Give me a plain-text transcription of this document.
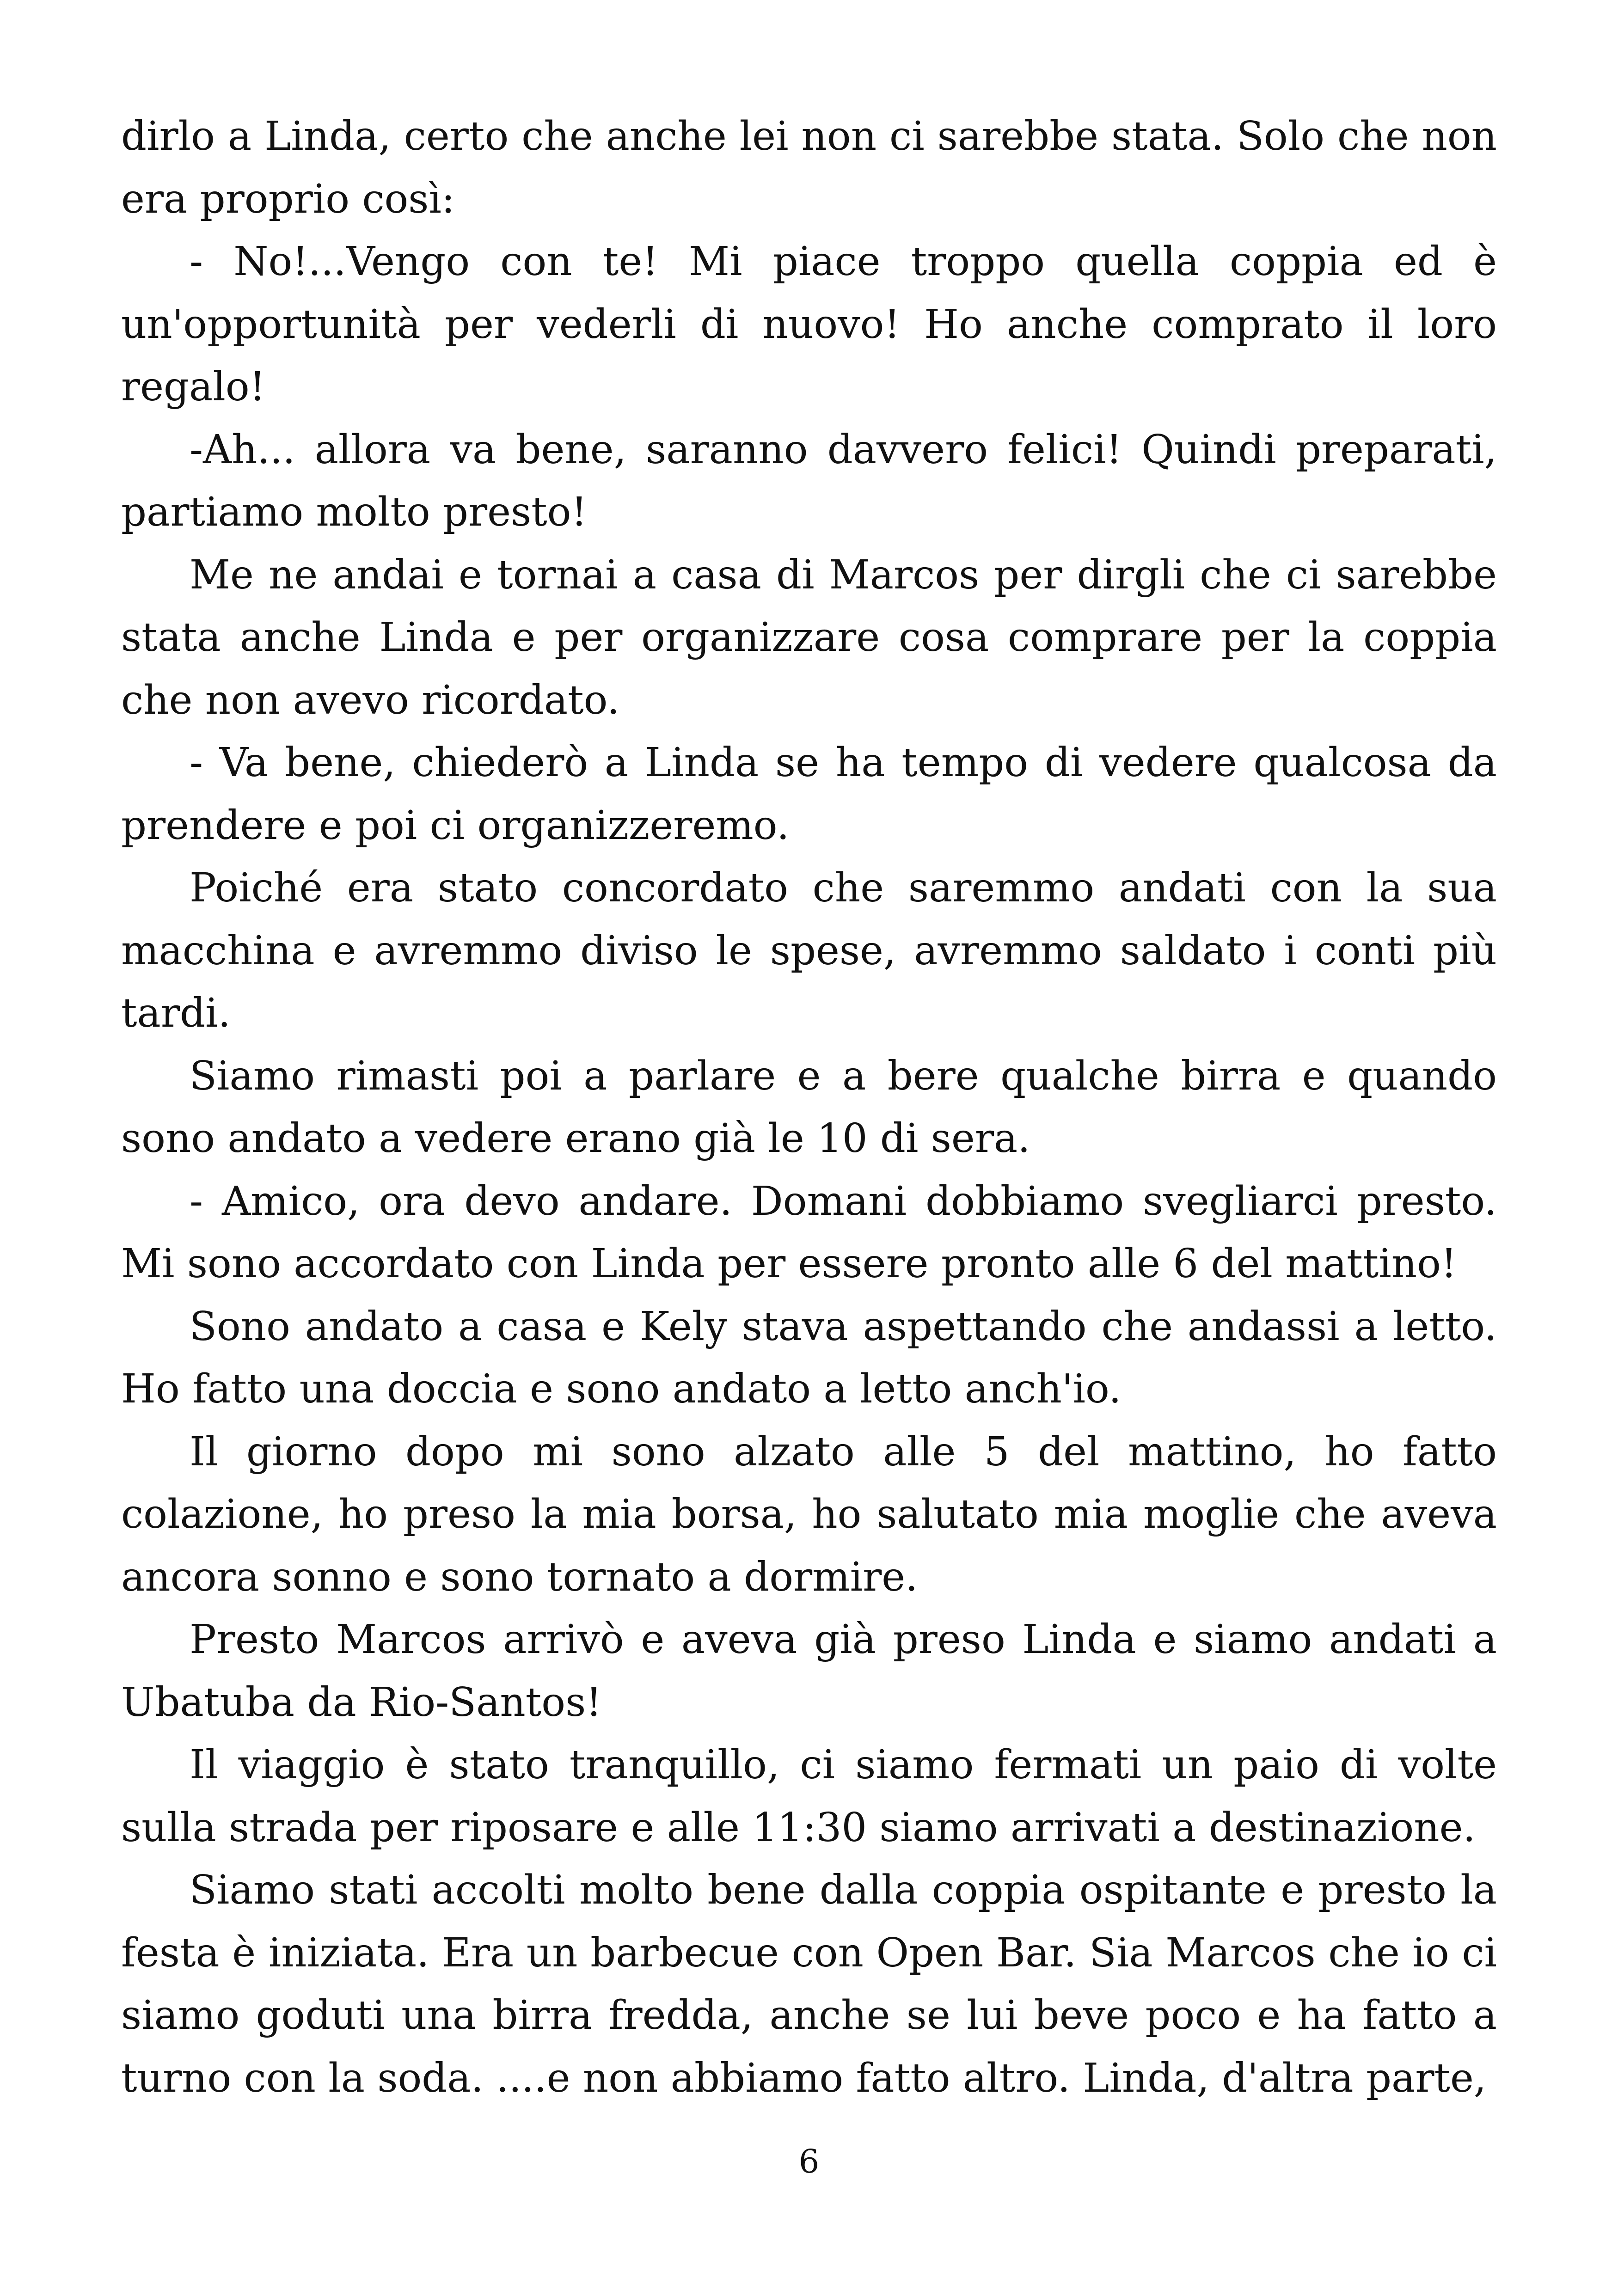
dirlo a Linda, certo che anche lei non ci sarebbe stata. Solo che non era proprio così:

- No!...Vengo con te! Mi piace troppo quella coppia ed è un'opportunità per vederli di nuovo! Ho anche comprato il loro regalo!

-Ah... allora va bene, saranno davvero felici! Quindi preparati, partiamo molto presto!

Me ne andai e tornai a casa di Marcos per dirgli che ci sarebbe stata anche Linda e per organizzare cosa comprare per la coppia che non avevo ricordato.

- Va bene, chiederò a Linda se ha tempo di vedere qualcosa da prendere e poi ci organizzeremo.

Poiché era stato concordato che saremmo andati con la sua macchina e avremmo diviso le spese, avremmo saldato i conti più tardi.

Siamo rimasti poi a parlare e a bere qualche birra e quando sono andato a vedere erano già le 10 di sera.

- Amico, ora devo andare. Domani dobbiamo svegliarci presto. Mi sono accordato con Linda per essere pronto alle 6 del mattino!

Sono andato a casa e Kely stava aspettando che andassi a letto. Ho fatto una doccia e sono andato a letto anch'io.

Il giorno dopo mi sono alzato alle 5 del mattino, ho fatto colazione, ho preso la mia borsa, ho salutato mia moglie che aveva ancora sonno e sono tornato a dormire.

Presto Marcos arrivò e aveva già preso Linda e siamo andati a Ubatuba da Rio-Santos!

Il viaggio è stato tranquillo, ci siamo fermati un paio di volte sulla strada per riposare e alle 11:30 siamo arrivati a destinazione.

Siamo stati accolti molto bene dalla coppia ospitante e presto la festa è iniziata. Era un barbecue con Open Bar. Sia Marcos che io ci siamo goduti una birra fredda, anche se lui beve poco e ha fatto a turno con la soda. ....e non abbiamo fatto altro. Linda, d'altra parte,

6
